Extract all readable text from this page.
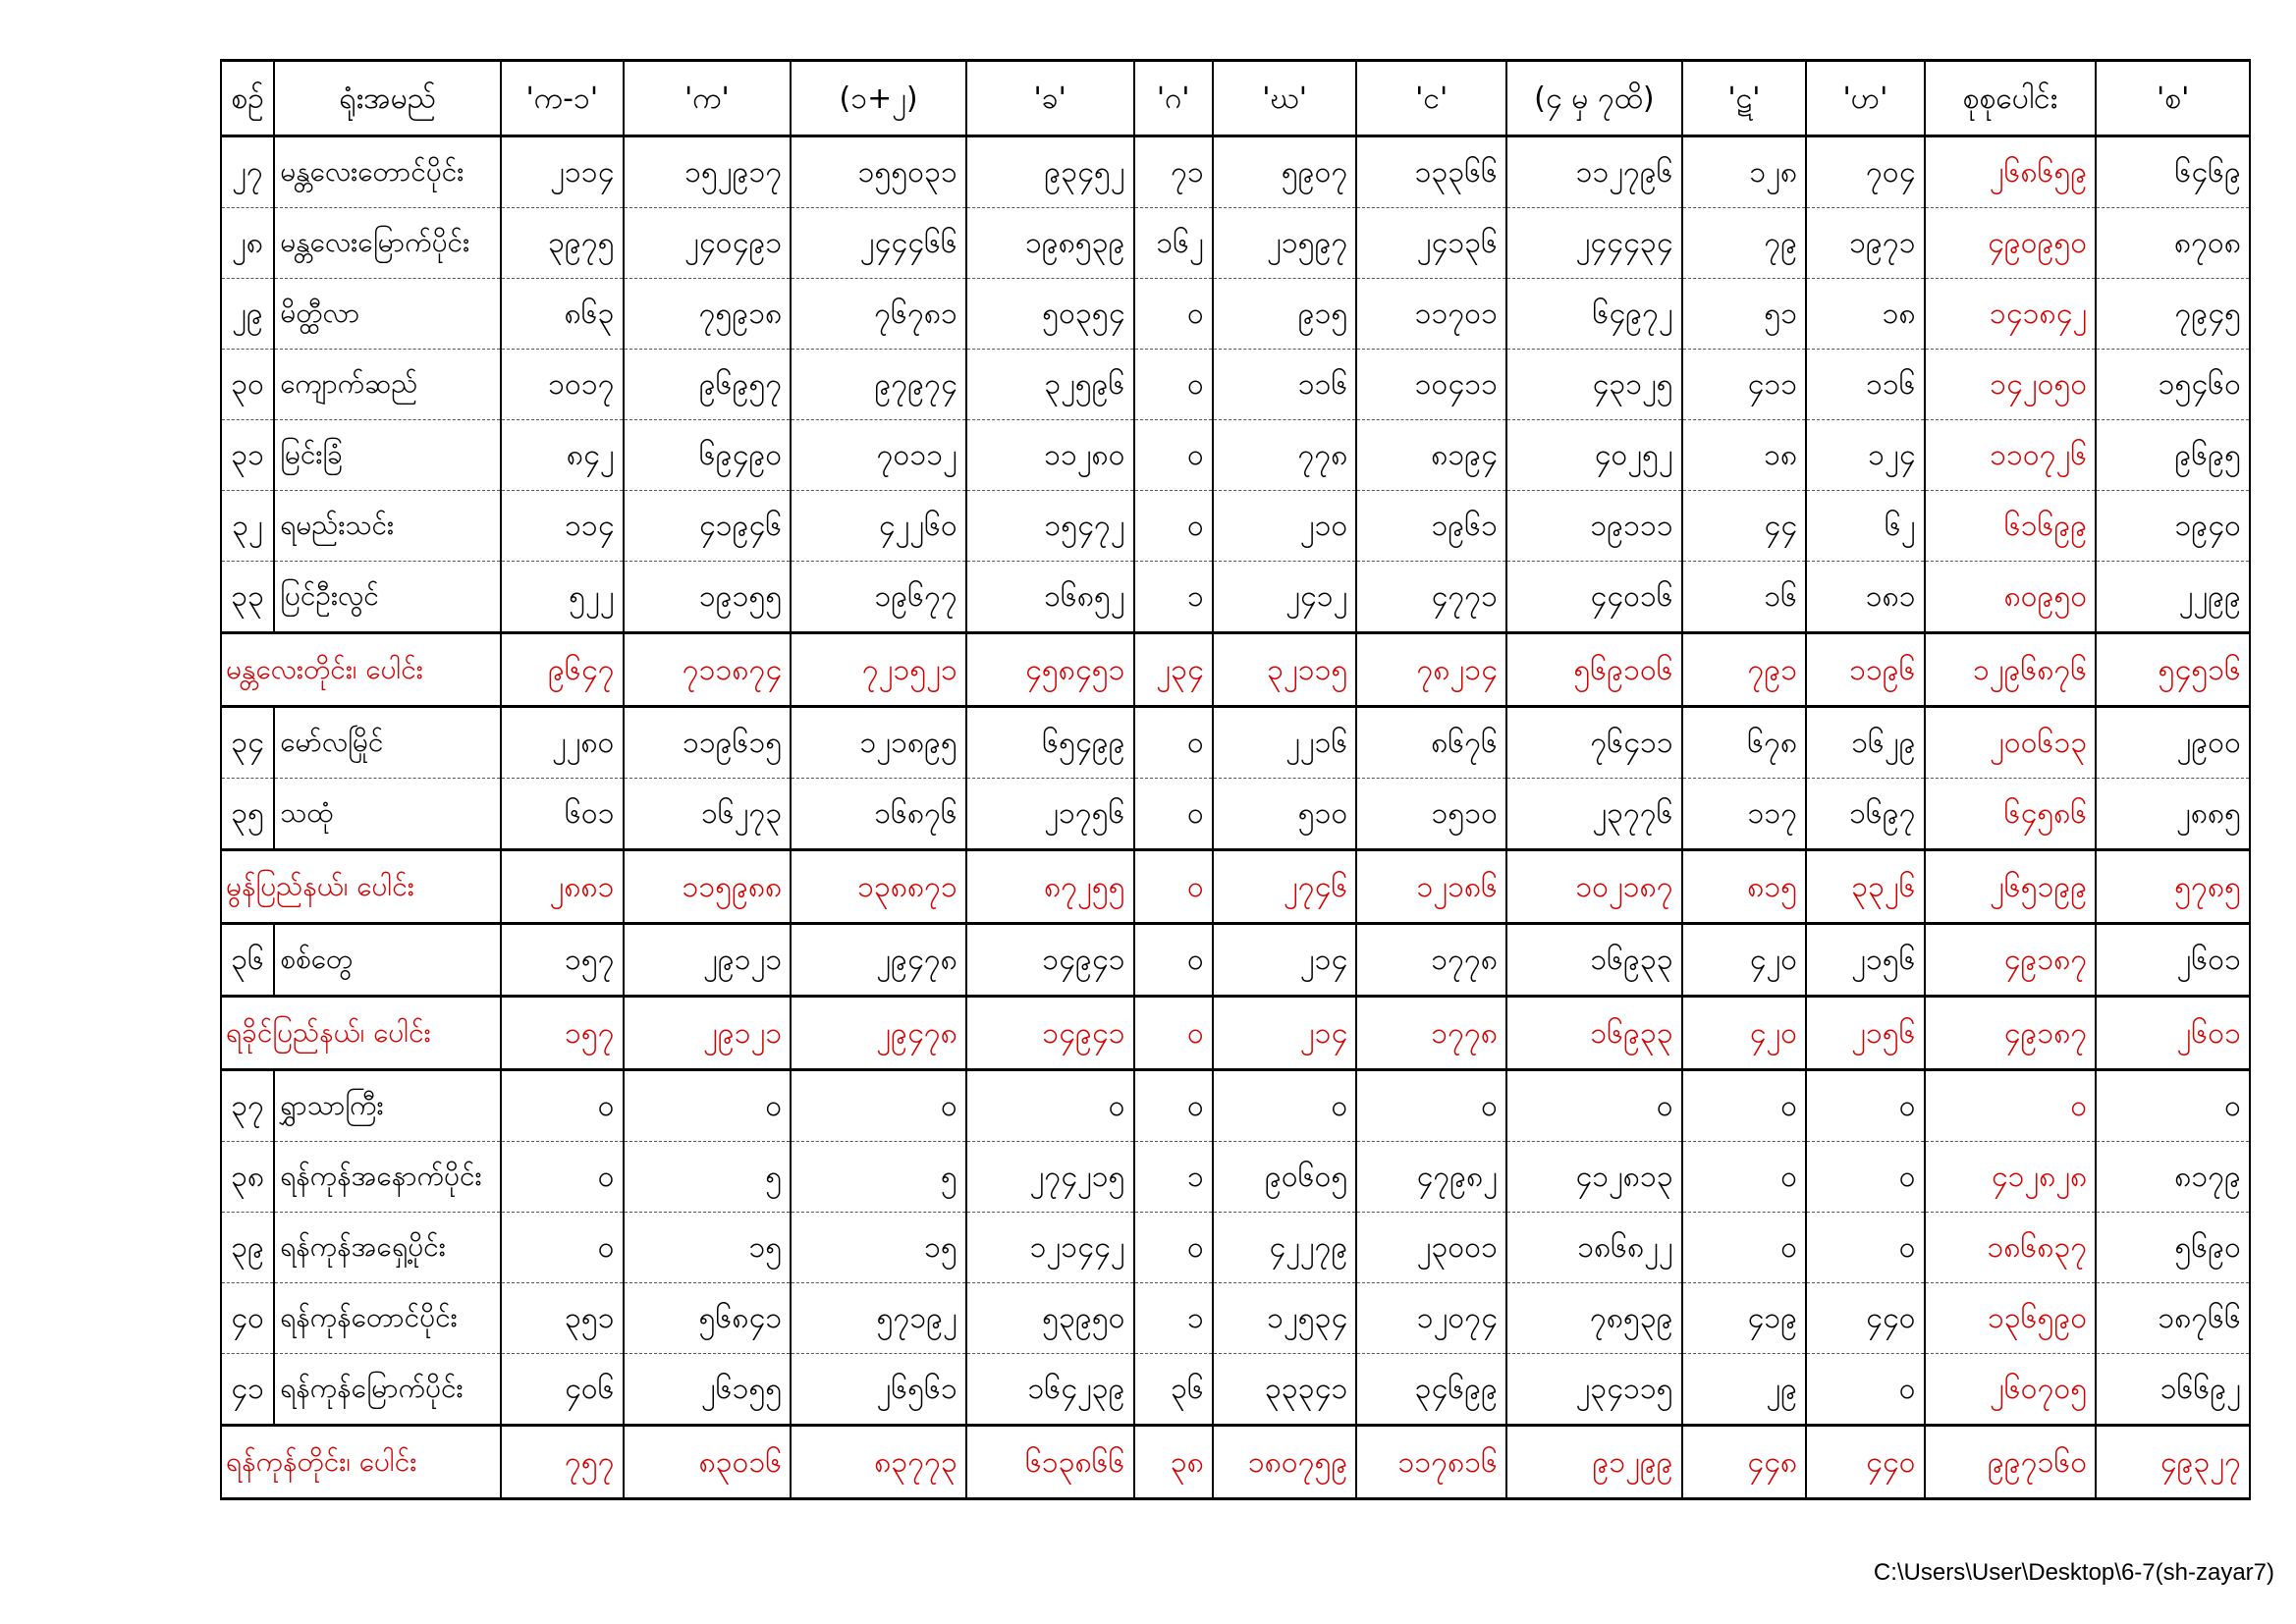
စဉ်	ရုံးအမည်	'က-၁'	'က'	(၁+၂)	'ခ'	'ဂ'	'ဃ'	'င'	(၄ မှ ၇ထိ)	'ဋ'	'ဟ'	စုစုပေါင်း	'စ'
၂၇	မန္တလေးတောင်ပိုင်း	၂၁၁၄	၁၅၂၉၁၇	၁၅၅၀၃၁	၉၃၄၅၂	၇၁	၅၉၀၇	၁၃၃၆၆	၁၁၂၇၉၆	၁၂၈	၇၀၄	၂၆၈၆၅၉	၆၄၆၉
၂၈	မန္တလေးမြောက်ပိုင်း	၃၉၇၅	၂၄၀၄၉၁	၂၄၄၄၆၆	၁၉၈၅၃၉	၁၆၂	၂၁၅၉၇	၂၄၁၃၆	၂၄၄၄၃၄	၇၉	၁၉၇၁	၄၉၀၉၅၀	၈၇၀၈
၂၉	မိတ္ထီလာ	၈၆၃	၇၅၉၁၈	၇၆၇၈၁	၅၀၃၅၄	၀	၉၁၅	၁၁၇၀၁	၆၄၉၇၂	၅၁	၁၈	၁၄၁၈၄၂	၇၉၄၅
၃၀	ကျောက်ဆည်	၁၀၁၇	၉၆၉၅၇	၉၇၉၇၄	၃၂၅၉၆	၀	၁၁၆	၁၀၄၁၁	၄၃၁၂၅	၄၁၁	၁၁၆	၁၄၂၀၅၀	၁၅၄၆၀
၃၁	မြင်းခြံ	၈၄၂	၆၉၄၉၀	၇၀၁၁၂	၁၁၂၈၀	၀	၇၇၈	၈၁၉၄	၄၀၂၅၂	၁၈	၁၂၄	၁၁၀၇၂၆	၉၆၉၅
၃၂	ရမည်းသင်း	၁၁၄	၄၁၉၄၆	၄၂၂၆၀	၁၅၄၇၂	၀	၂၁၀	၁၉၆၁	၁၉၁၁၁	၄၄	၆၂	၆၁၆၉၉	၁၉၄၀
၃၃	ပြင်ဦးလွင်	၅၂၂	၁၉၁၅၅	၁၉၆၇၇	၁၆၈၅၂	၁	၂၄၁၂	၄၇၇၁	၄၄၀၁၆	၁၆	၁၈၁	၈၀၉၅၀	၂၂၉၉
မန္တလေးတိုင်း၊ ပေါင်း		၉၆၄၇	၇၁၁၈၇၄	၇၂၁၅၂၁	၄၅၈၄၅၁	၂၃၄	၃၂၁၁၅	၇၈၂၁၄	၅၆၉၁၀၆	၇၉၁	၁၁၉၆	၁၂၉၆၈၇၆	၅၄၅၁၆
၃၄	မော်လမြိုင်	၂၂၈၀	၁၁၉၆၁၅	၁၂၁၈၉၅	၆၅၄၉၉	၀	၂၂၁၆	၈၆၇၆	၇၆၄၁၁	၆၇၈	၁၆၂၉	၂၀၀၆၁၃	၂၉၀၀
၃၅	သထုံ	၆၀၁	၁၆၂၇၃	၁၆၈၇၆	၂၁၇၅၆	၀	၅၁၀	၁၅၁၀	၂၃၇၇၆	၁၁၇	၁၆၉၇	၆၄၅၈၆	၂၈၈၅
မွန်ပြည်နယ်၊ ပေါင်း		၂၈၈၁	၁၁၅၉၈၈	၁၃၈၈၇၁	၈၇၂၅၅	၀	၂၇၄၆	၁၂၁၈၆	၁၀၂၁၈၇	၈၁၅	၃၃၂၆	၂၆၅၁၉၉	၅၇၈၅
၃၆	စစ်တွေ	၁၅၇	၂၉၁၂၁	၂၉၄၇၈	၁၄၉၄၁	၀	၂၁၄	၁၇၇၈	၁၆၉၃၃	၄၂၀	၂၁၅၆	၄၉၁၈၇	၂၆၀၁
ရခိုင်ပြည်နယ်၊ ပေါင်း		၁၅၇	၂၉၁၂၁	၂၉၄၇၈	၁၄၉၄၁	၀	၂၁၄	၁၇၇၈	၁၆၉၃၃	၄၂၀	၂၁၅၆	၄၉၁၈၇	၂၆၀၁
၃၇	ရွှာသာကြီး	၀	၀	၀	၀	၀	၀	၀	၀	၀	၀	၀	၀
၃၈	ရန်ကုန်အနောက်ပိုင်း	၀	၅	၅	၂၇၄၂၁၅	၁	၉၀၆၀၅	၄၇၉၈၂	၄၁၂၈၁၃	၀	၀	၄၁၂၈၂၈	၈၁၇၉
၃၉	ရန်ကုန်အရှေ့ပိုင်း	၀	၁၅	၁၅	၁၂၁၄၄၂	၀	၄၂၂၇၉	၂၃၀၀၁	၁၈၆၈၂၂	၀	၀	၁၈၆၈၃၇	၅၆၉၀
၄၀	ရန်ကုန်တောင်ပိုင်း	၃၅၁	၅၆၈၄၁	၅၇၁၉၂	၅၃၉၅၀	၁	၁၂၅၃၄	၁၂၀၇၄	၇၈၅၃၉	၄၁၉	၄၄၀	၁၃၆၅၉၀	၁၈၇၆၆
၄၁	ရန်ကုန်မြောက်ပိုင်း	၄၀၆	၂၆၁၅၅	၂၆၅၆၁	၁၆၄၂၃၉	၃၆	၃၃၃၄၁	၃၄၆၉၉	၂၃၄၁၁၅	၂၉	၀	၂၆၀၇၀၅	၁၆၆၉၂
ရန်ကုန်တိုင်း၊ ပေါင်း		၇၅၇	၈၃၀၁၆	၈၃၇၇၃	၆၁၃၈၆၆	၃၈	၁၈၀၇၅၉	၁၁၇၈၁၆	၉၁၂၉၉	၄၄၈	၄၄၀	၉၉၇၁၆၀	၄၉၃၂၇
C:\Users\User\Desktop\6-7(sh-zayar7)
